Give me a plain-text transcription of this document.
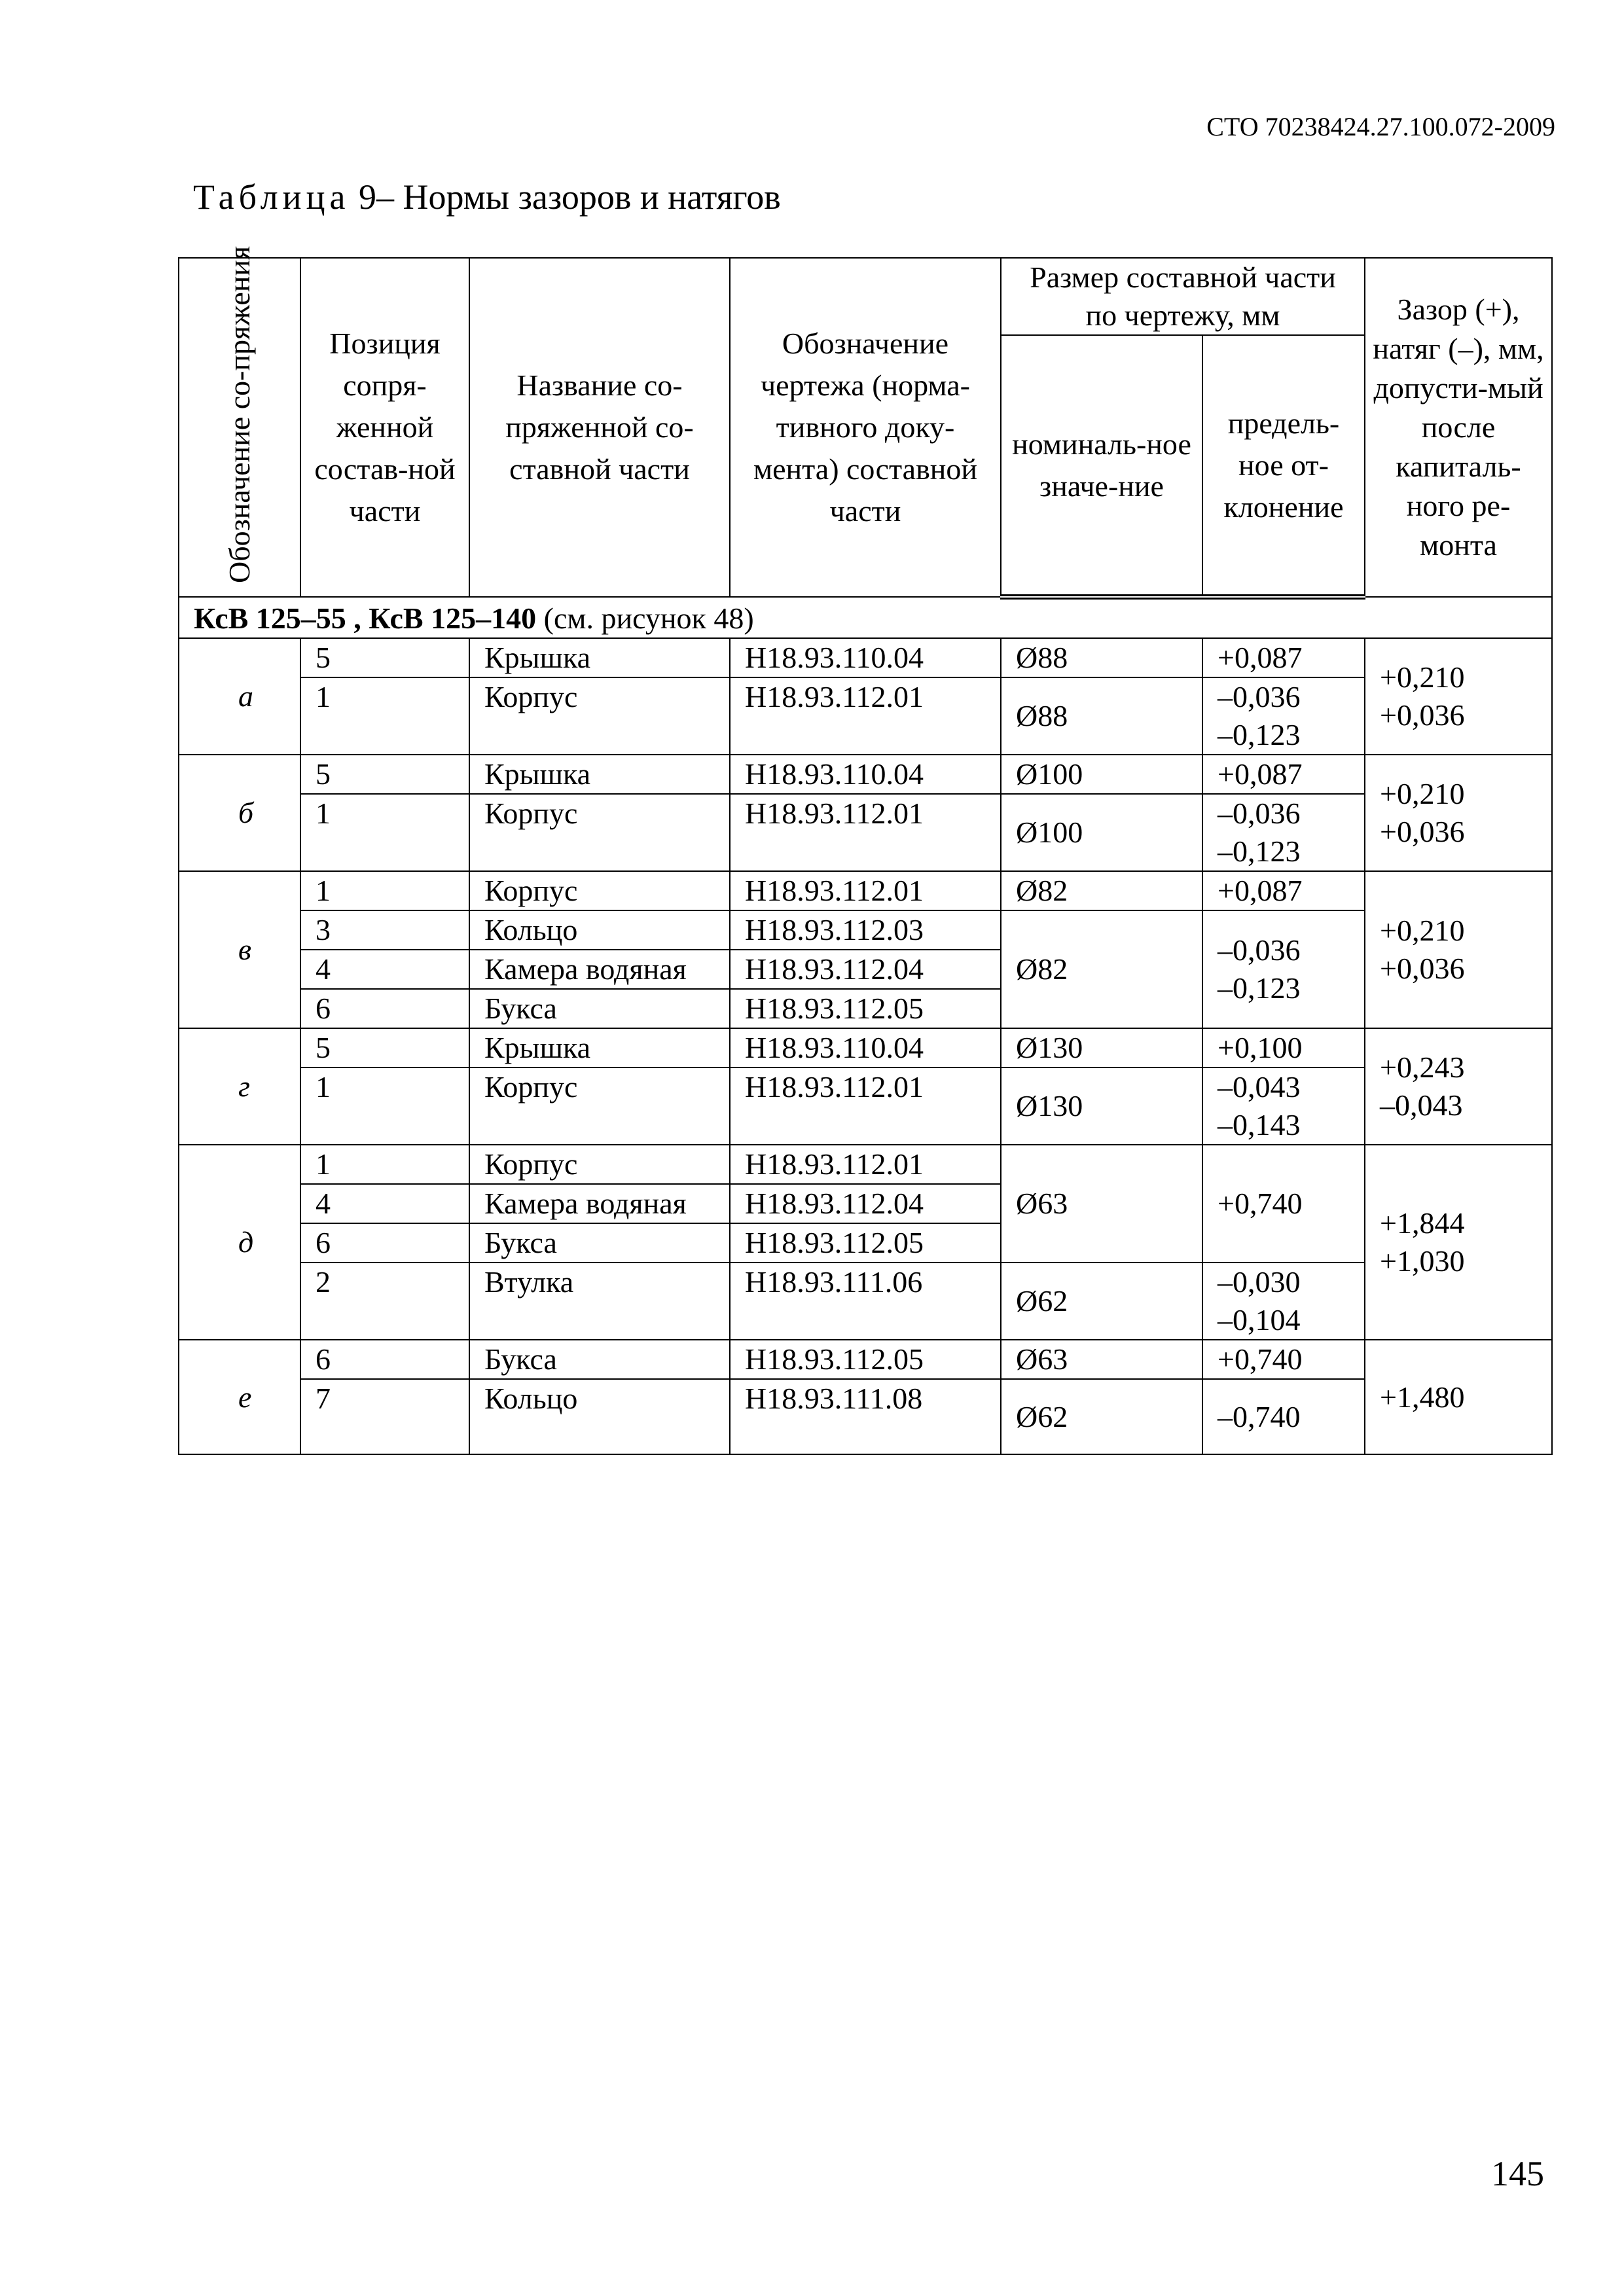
СТО 70238424.27.100.072-2009
Таблица 9– Нормы зазоров и натягов
Обозначение со-пряжения	Позиция сопря-женной состав-ной части	Название со-пряженной со-ставной части	Обозначение чертежа (норма-тивного доку-мента) составной части	Размер составной части по чертежу, мм		Зазор (+), натяг (–), мм, допусти-мый после капиталь-ного ре-монта
				номиналь-ное значе-ние	предель-ное от-клонение	
КсВ 125–55 , КсВ 125–140 (см. рисунок 48)						
а	5	Крышка	Н18.93.110.04	Ø88	+0,087	+0,210
+0,036
	1	Корпус	Н18.93.112.01	Ø88	–0,036
–0,123	
б	5	Крышка	Н18.93.110.04	Ø100	+0,087	+0,210
+0,036
	1	Корпус	Н18.93.112.01	Ø100	–0,036
–0,123	
в	1	Корпус	Н18.93.112.01	Ø82	+0,087	+0,210
+0,036
	3	Кольцо	Н18.93.112.03	Ø82	–0,036
–0,123	
	4	Камера водяная	Н18.93.112.04			
	6	Букса	Н18.93.112.05			
г	5	Крышка	Н18.93.110.04	Ø130	+0,100	+0,243
–0,043
	1	Корпус	Н18.93.112.01	Ø130	–0,043
–0,143	
д	1	Корпус	Н18.93.112.01	Ø63	+0,740	+1,844
+1,030
	4	Камера водяная	Н18.93.112.04			
	6	Букса	Н18.93.112.05			
	2	Втулка	Н18.93.111.06	Ø62	–0,030
–0,104	
е	6	Букса	Н18.93.112.05	Ø63	+0,740	+1,480
	7	Кольцо	Н18.93.111.08	Ø62	–0,740	
145
